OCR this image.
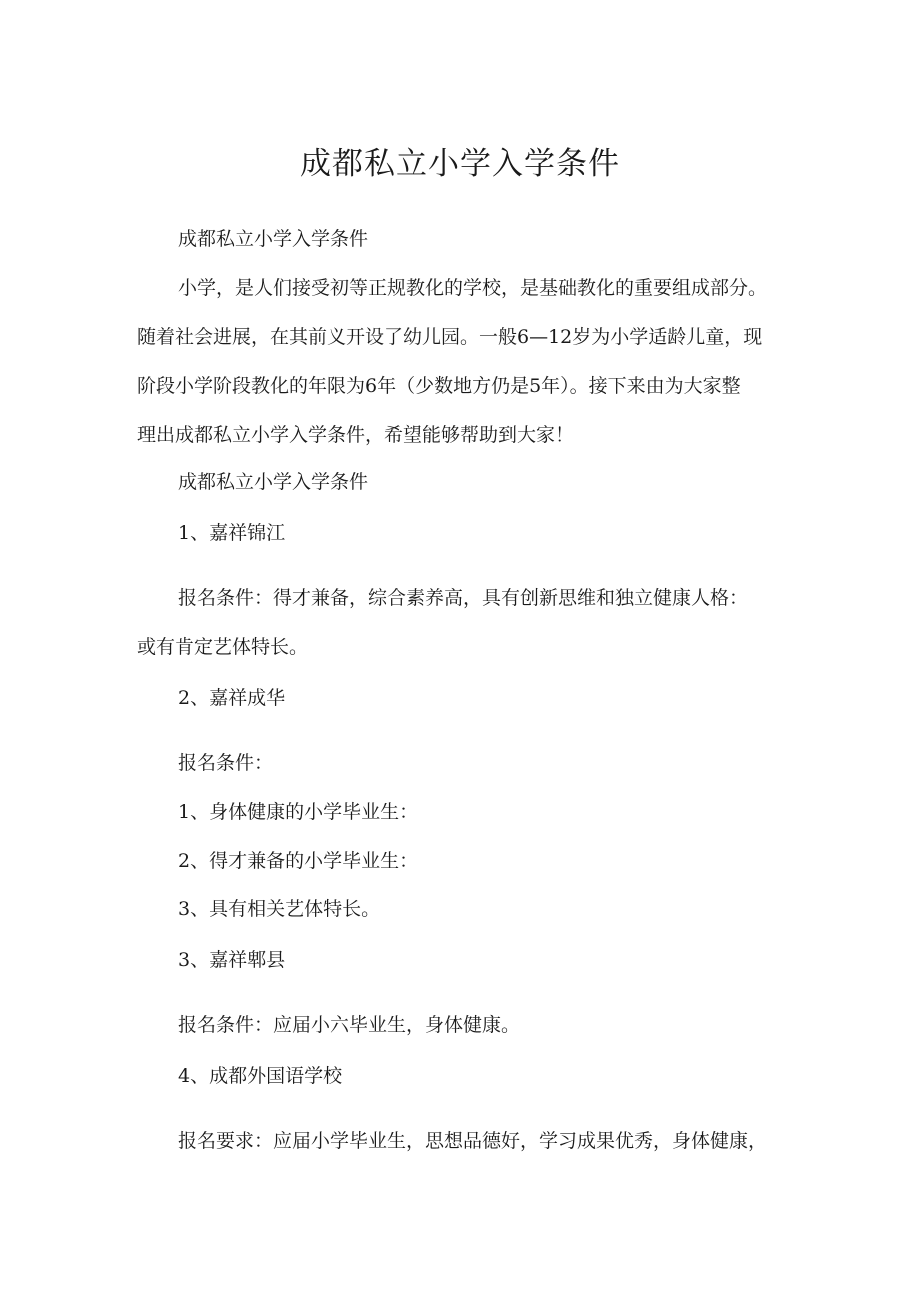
成都私立小学入学条件

成都私立小学入学条件

小学，是人们接受初等正规教化的学校，是基础教化的重要组成部分。

随着社会进展，在其前义开设了幼儿园。一般6—12岁为小学适龄儿童，现

阶段小学阶段教化的年限为6年（少数地方仍是5年）。接下来由为大家整

理出成都私立小学入学条件，希望能够帮助到大家！

成都私立小学入学条件

1、嘉祥锦江

报名条件：得才兼备，综合素养高，具有创新思维和独立健康人格：

或有肯定艺体特长。

2、嘉祥成华

报名条件：

1、身体健康的小学毕业生：

2、得才兼备的小学毕业生：

3、具有相关艺体特长。

3、嘉祥郫县

报名条件：应届小六毕业生，身体健康。

4、成都外国语学校

报名要求：应届小学毕业生，思想品德好，学习成果优秀，身体健康，
